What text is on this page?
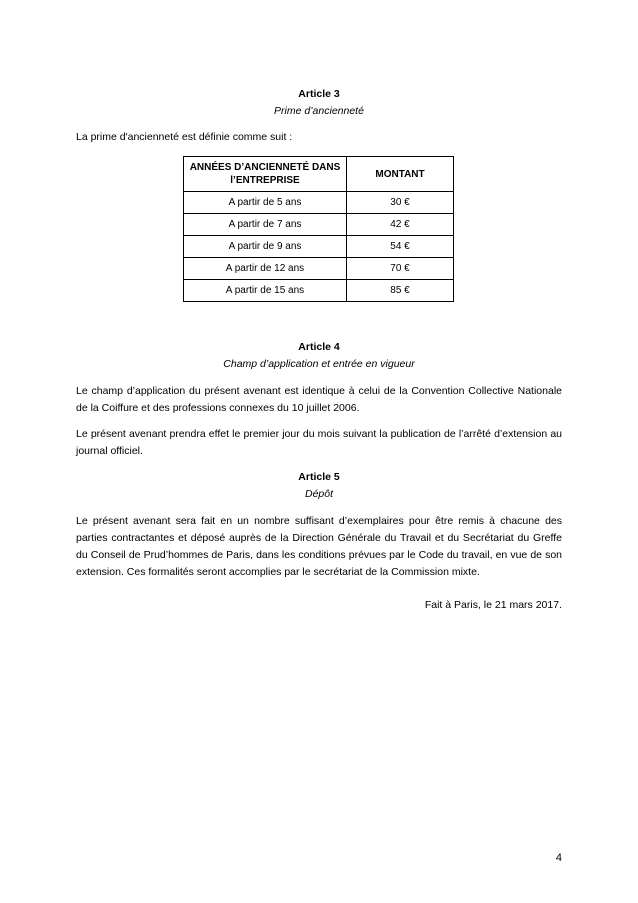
Article 3
Prime d’ancienneté

La prime d'ancienneté est définie comme suit :

ANNÉES D’ANCIENNETÉ DANS l’ENTREPRISE	MONTANT
A partir de 5 ans	30 €
A partir de 7 ans	42 €
A partir de 9 ans	54 €
A partir de 12 ans	70 €
A partir de 15 ans	85 €
Article 4
Champ d’application et entrée en vigueur

Le champ d’application du présent avenant est identique à celui de la Convention Collective Nationale de la Coiffure et des professions connexes du 10 juillet 2006.

Le présent avenant prendra effet le premier jour du mois suivant la publication de l’arrêté d’extension au journal officiel.

Article 5
Dépôt

Le présent avenant sera fait en un nombre suffisant d’exemplaires pour être remis à chacune des parties contractantes et déposé auprès de la Direction Générale du Travail et du Secrétariat du Greffe du Conseil de Prud’hommes de Paris, dans les conditions prévues par le Code du travail, en vue de son extension. Ces formalités seront accomplies par le secrétariat de la Commission mixte.

Fait à Paris, le 21 mars 2017.
4
